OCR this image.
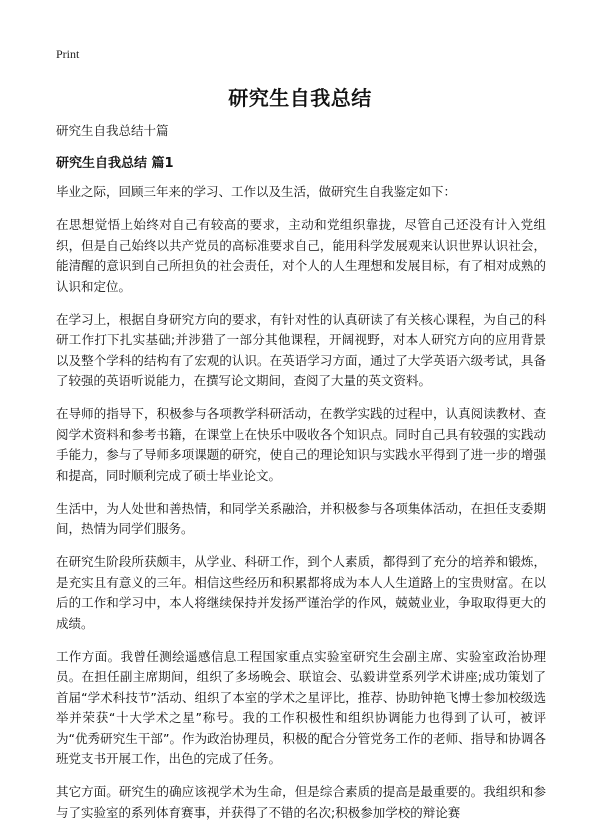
Print
研究生自我总结
研究生自我总结十篇
研究生自我总结 篇1

毕业之际，回顾三年来的学习、工作以及生活，做研究生自我鉴定如下：

在思想觉悟上始终对自己有较高的要求，主动和党组织靠拢，尽管自己还没有计入党组织，但是自己始终以共产党员的高标准要求自己，能用科学发展观来认识世界认识社会，能清醒的意识到自己所担负的社会责任，对个人的人生理想和发展目标，有了相对成熟的认识和定位。

在学习上，根据自身研究方向的要求，有针对性的认真研读了有关核心课程，为自己的科研工作打下扎实基础;并涉猎了一部分其他课程，开阔视野，对本人研究方向的应用背景以及整个学科的结构有了宏观的认识。在英语学习方面，通过了大学英语六级考试，具备了较强的英语听说能力，在撰写论文期间，查阅了大量的英文资料。

在导师的指导下，积极参与各项教学科研活动，在教学实践的过程中，认真阅读教材、查阅学术资料和参考书籍，在课堂上在快乐中吸收各个知识点。同时自己具有较强的实践动手能力，参与了导师多项课题的研究，使自己的理论知识与实践水平得到了进一步的增强和提高，同时顺利完成了硕士毕业论文。

生活中，为人处世和善热情，和同学关系融洽，并积极参与各项集体活动，在担任支委期间，热情为同学们服务。

在研究生阶段所获颇丰，从学业、科研工作，到个人素质，都得到了充分的培养和锻炼，是充实且有意义的三年。相信这些经历和积累都将成为本人人生道路上的宝贵财富。在以后的工作和学习中，本人将继续保持并发扬严谨治学的作风，兢兢业业，争取取得更大的成绩。

工作方面。我曾任测绘遥感信息工程国家重点实验室研究生会副主席、实验室政治协理员。在担任副主席期间，组织了多场晚会、联谊会、弘毅讲堂系列学术讲座;成功策划了首届“学术科技节”活动、组织了本室的学术之星评比，推荐、协助钟艳飞博士参加校级选举并荣获“十大学术之星”称号。我的工作积极性和组织协调能力也得到了认可，被评为“优秀研究生干部”。作为政治协理员，积极的配合分管党务工作的老师、指导和协调各班党支书开展工作，出色的完成了任务。

其它方面。研究生的确应该视学术为生命，但是综合素质的提高是最重要的。我组织和参与了实验室的系列体育赛事，并获得了不错的名次;积极参加学校的辩论赛
